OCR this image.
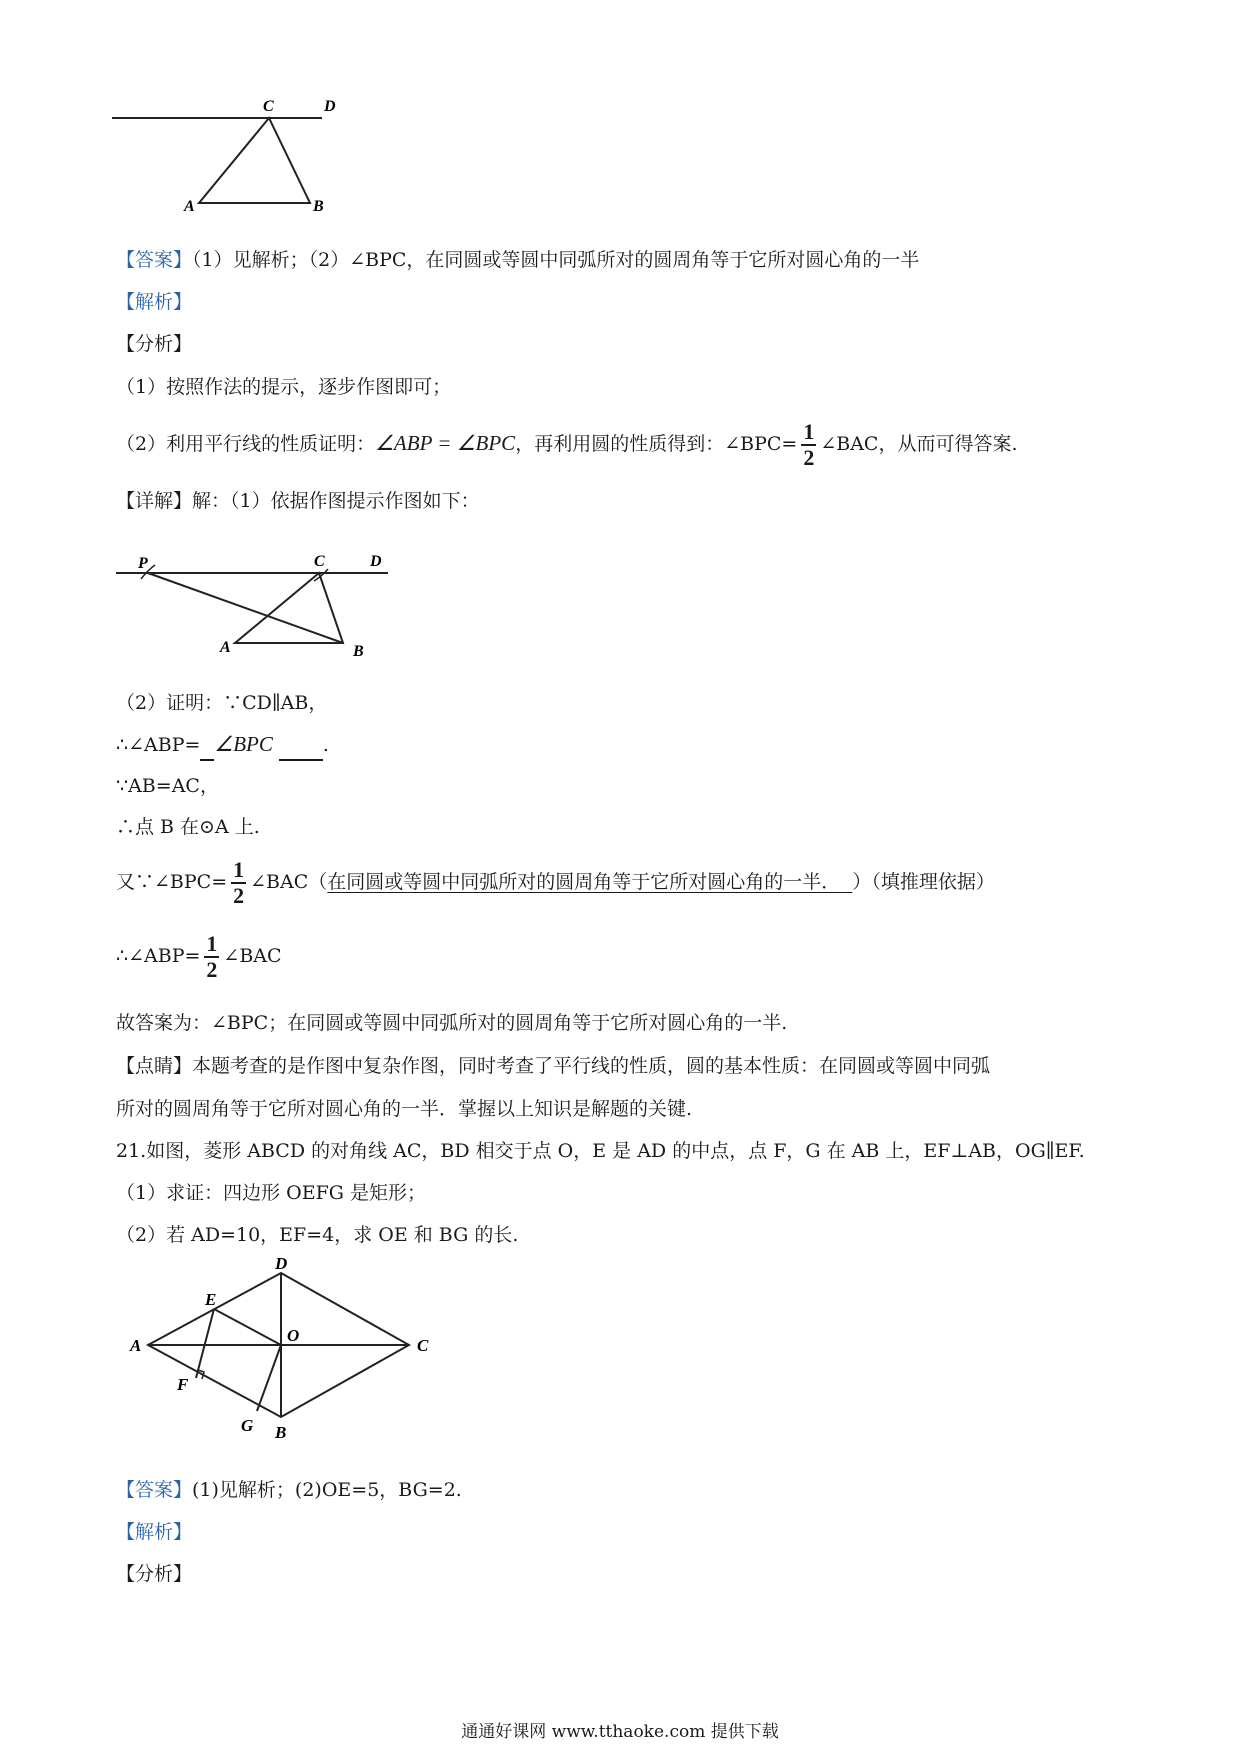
C	D
A	B
【答案】（1）见解析；（2）∠BPC，在同圆或等圆中同弧所对的圆周角等于它所对圆心角的一半
【解析】
【分析】
（1）按照作法的提示，逐步作图即可；
（2）利用平行线的性质证明：∠ABP = ∠BPC，再利用圆的性质得到：∠BPC= $\frac{1}{2}$ ∠BAC，从而可得答案.
【详解】解：（1）依据作图提示作图如下：
P	C	D
A	B
（2）证明：∵CD∥AB，
∴∠ABP= ∠BPC	.
∵AB=AC，
∴点 B 在⊙A 上.
又∵∠BPC= $\frac{1}{2}$ ∠BAC（在同圆或等圆中同弧所对的圆周角等于它所对圆心角的一半． ）（填推理依据）
∴∠ABP= $\frac{1}{2}$ ∠BAC
故答案为：∠BPC；在同圆或等圆中同弧所对的圆周角等于它所对圆心角的一半.
【点睛】本题考查的是作图中复杂作图，同时考查了平行线的性质，圆的基本性质：在同圆或等圆中同弧
所对的圆周角等于它所对圆心角的一半．掌握以上知识是解题的关键.
21.如图，菱形 ABCD 的对角线 AC，BD 相交于点 O，E 是 AD 的中点，点 F，G 在 AB 上，EF⊥AB，OG∥EF.
（1）求证：四边形 OEFG 是矩形；
（2）若 AD=10，EF=4，求 OE 和 BG 的长.
D
E
A
O
C
F
G B
【答案】(1)见解析；(2)OE=5，BG=2.
【解析】
【分析】
通通好课网 www.tthaoke.com 提供下载
